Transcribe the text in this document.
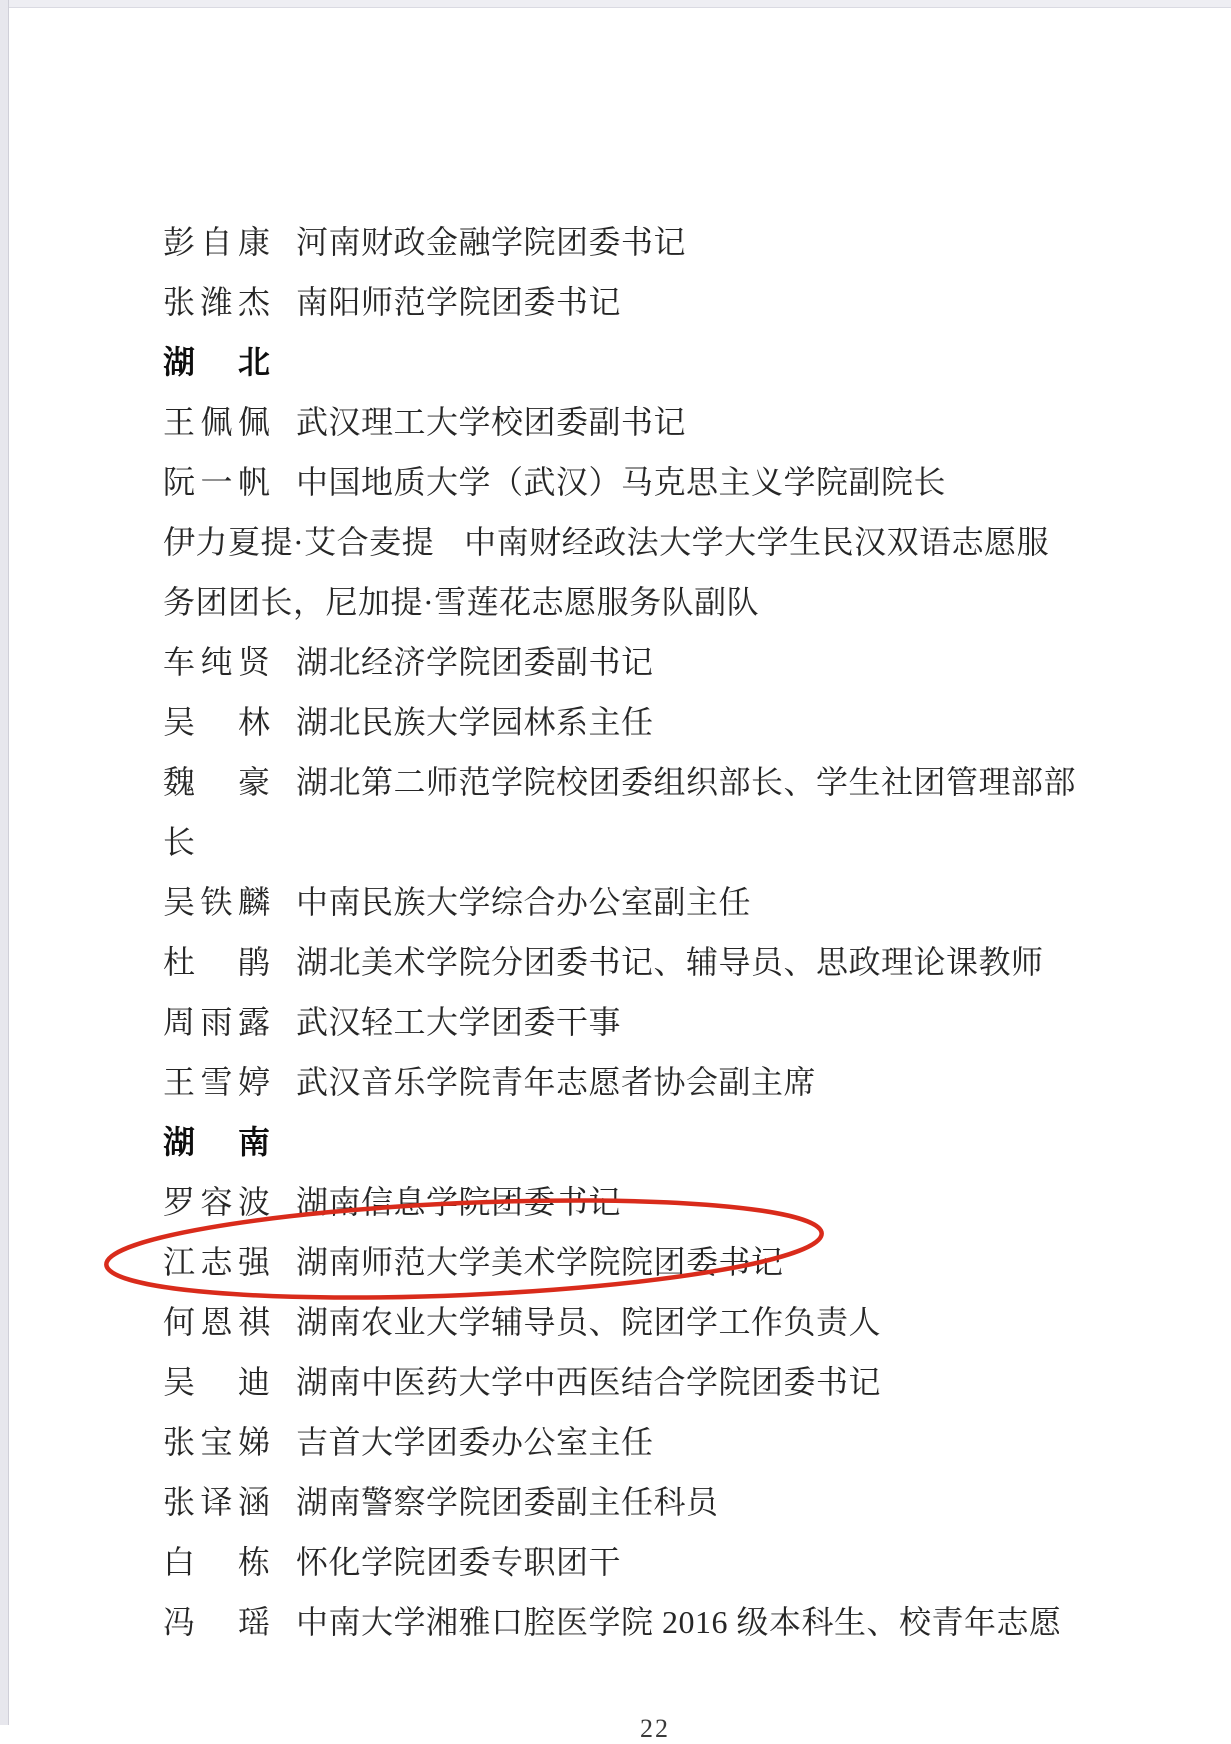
彭 自 康 河南财政金融学院团委书记
张 潍 杰 南阳师范学院团委书记
湖 北
王 佩 佩 武汉理工大学校团委副书记
阮 一 帆 中国地质大学（武汉）马克思主义学院副院长
伊力夏提·艾合麦提 中南财经政法大学大学生民汉双语志愿服
务团团长，尼加提·雪莲花志愿服务队副队
车 纯 贤 湖北经济学院团委副书记
吴 林 湖北民族大学园林系主任
魏 豪 湖北第二师范学院校团委组织部长、学生社团管理部部
长
吴 铁 麟 中南民族大学综合办公室副主任
杜 鹃 湖北美术学院分团委书记、辅导员、思政理论课教师
周 雨 露 武汉轻工大学团委干事
王 雪 婷 武汉音乐学院青年志愿者协会副主席
湖 南
罗 容 波 湖南信息学院团委书记
江 志 强 湖南师范大学美术学院院团委书记
何 恩 祺 湖南农业大学辅导员、院团学工作负责人
吴 迪 湖南中医药大学中西医结合学院团委书记
张 宝 娣 吉首大学团委办公室主任
张 译 涵 湖南警察学院团委副主任科员
白 栋 怀化学院团委专职团干
冯 瑶 中南大学湘雅口腔医学院 2016 级本科生、校青年志愿
22
